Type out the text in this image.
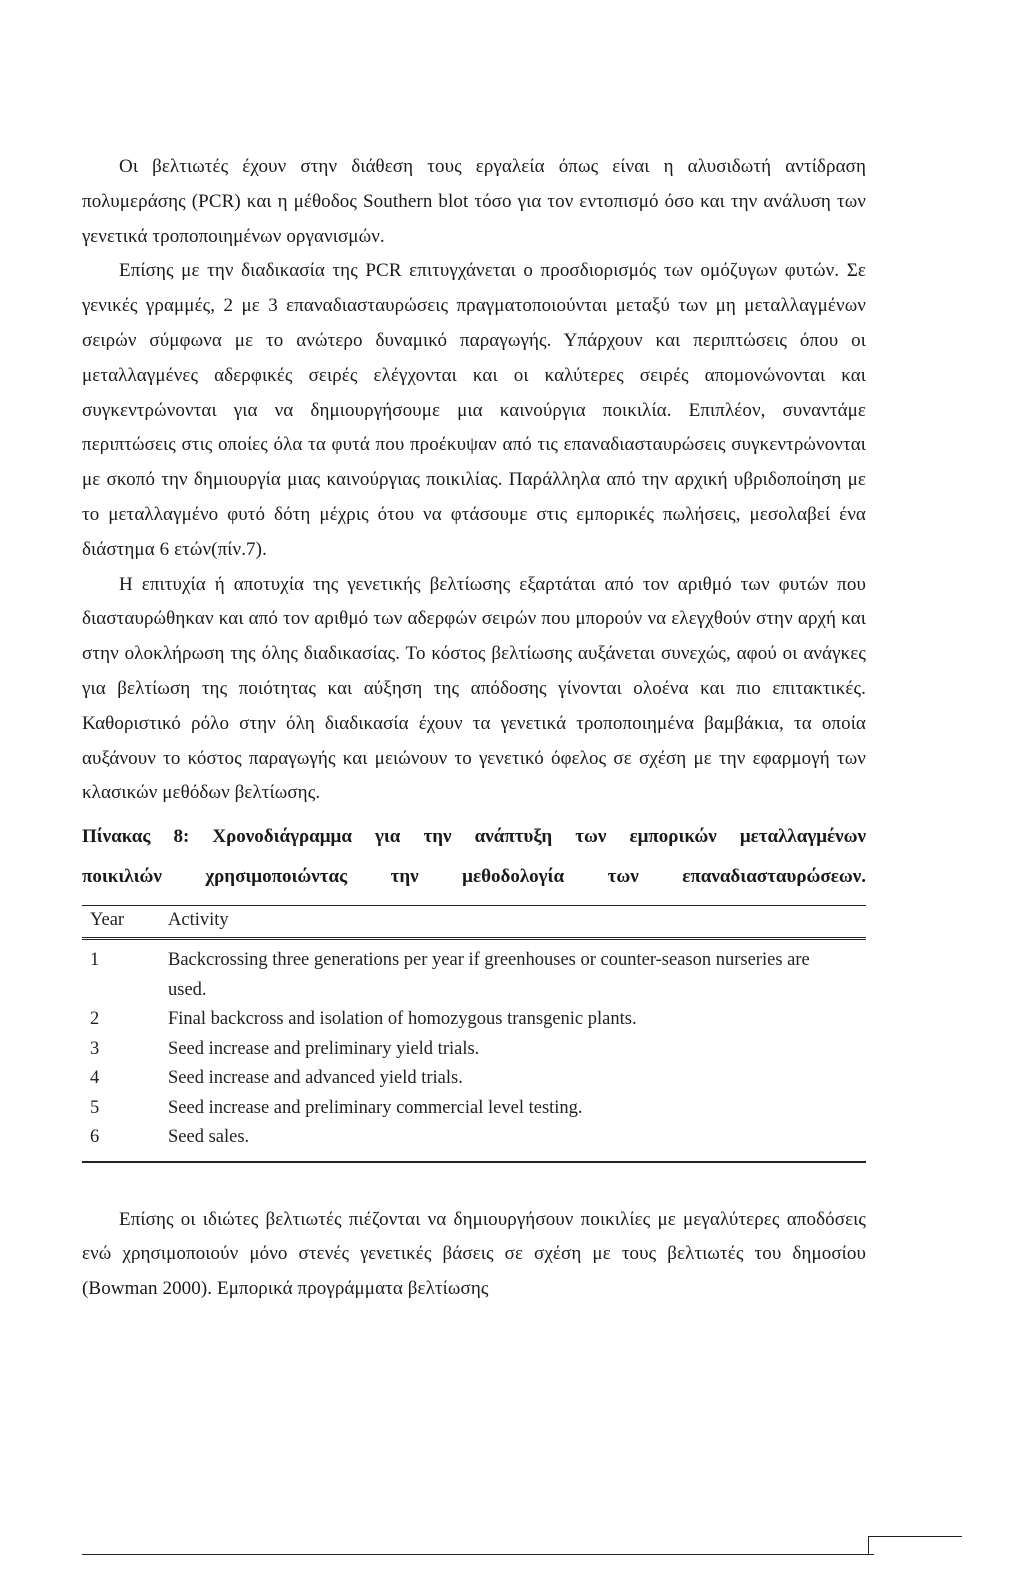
Οι βελτιωτές έχουν στην διάθεση τους εργαλεία όπως είναι η αλυσιδωτή αντίδραση πολυμεράσης (PCR) και η μέθοδος Southern blot τόσο για τον εντοπισμό όσο και την ανάλυση των γενετικά τροποποιημένων οργανισμών.

Επίσης με την διαδικασία της PCR επιτυγχάνεται ο προσδιορισμός των ομόζυγων φυτών. Σε γενικές γραμμές, 2 με 3 επαναδιασταυρώσεις πραγματοποιούνται μεταξύ των μη μεταλλαγμένων σειρών σύμφωνα με το ανώτερο δυναμικό παραγωγής. Υπάρχουν και περιπτώσεις όπου οι μεταλλαγμένες αδερφικές σειρές ελέγχονται και οι καλύτερες σειρές απομονώνονται και συγκεντρώνονται για να δημιουργήσουμε μια καινούργια ποικιλία. Επιπλέον, συναντάμε περιπτώσεις στις οποίες όλα τα φυτά που προέκυψαν από τις επαναδιασταυρώσεις συγκεντρώνονται με σκοπό την δημιουργία μιας καινούργιας ποικιλίας. Παράλληλα από την αρχική υβριδοποίηση με το μεταλλαγμένο φυτό δότη μέχρις ότου να φτάσουμε στις εμπορικές πωλήσεις, μεσολαβεί ένα διάστημα 6 ετών(πίν.7).

Η επιτυχία ή αποτυχία της γενετικής βελτίωσης εξαρτάται από τον αριθμό των φυτών που διασταυρώθηκαν και από τον αριθμό των αδερφών σειρών που μπορούν να ελεγχθούν στην αρχή και στην ολοκλήρωση της όλης διαδικασίας. Το κόστος βελτίωσης αυξάνεται συνεχώς, αφού οι ανάγκες για βελτίωση της ποιότητας και αύξηση της απόδοσης γίνονται ολοένα και πιο επιτακτικές. Καθοριστικό ρόλο στην όλη διαδικασία έχουν τα γενετικά τροποποιημένα βαμβάκια, τα οποία αυξάνουν το κόστος παραγωγής και μειώνουν το γενετικό όφελος σε σχέση με την εφαρμογή των κλασικών μεθόδων βελτίωσης.

Πίνακας 8: Χρονοδιάγραμμα για την ανάπτυξη των εμπορικών μεταλλαγμένων
ποικιλιών χρησιμοποιώντας την μεθοδολογία των επαναδιασταυρώσεων.
Year	Activity
1	Backcrossing three generations per year if greenhouses or counter-season nurseries are used.
2	Final backcross and isolation of homozygous transgenic plants.
3	Seed increase and preliminary yield trials.
4	Seed increase and advanced yield trials.
5	Seed increase and preliminary commercial level testing.
6	Seed sales.

Επίσης οι ιδιώτες βελτιωτές πιέζονται να δημιουργήσουν ποικιλίες με μεγαλύτερες αποδόσεις ενώ χρησιμοποιούν μόνο στενές γενετικές βάσεις σε σχέση με τους βελτιωτές του δημοσίου (Bowman 2000). Εμπορικά προγράμματα βελτίωσης
